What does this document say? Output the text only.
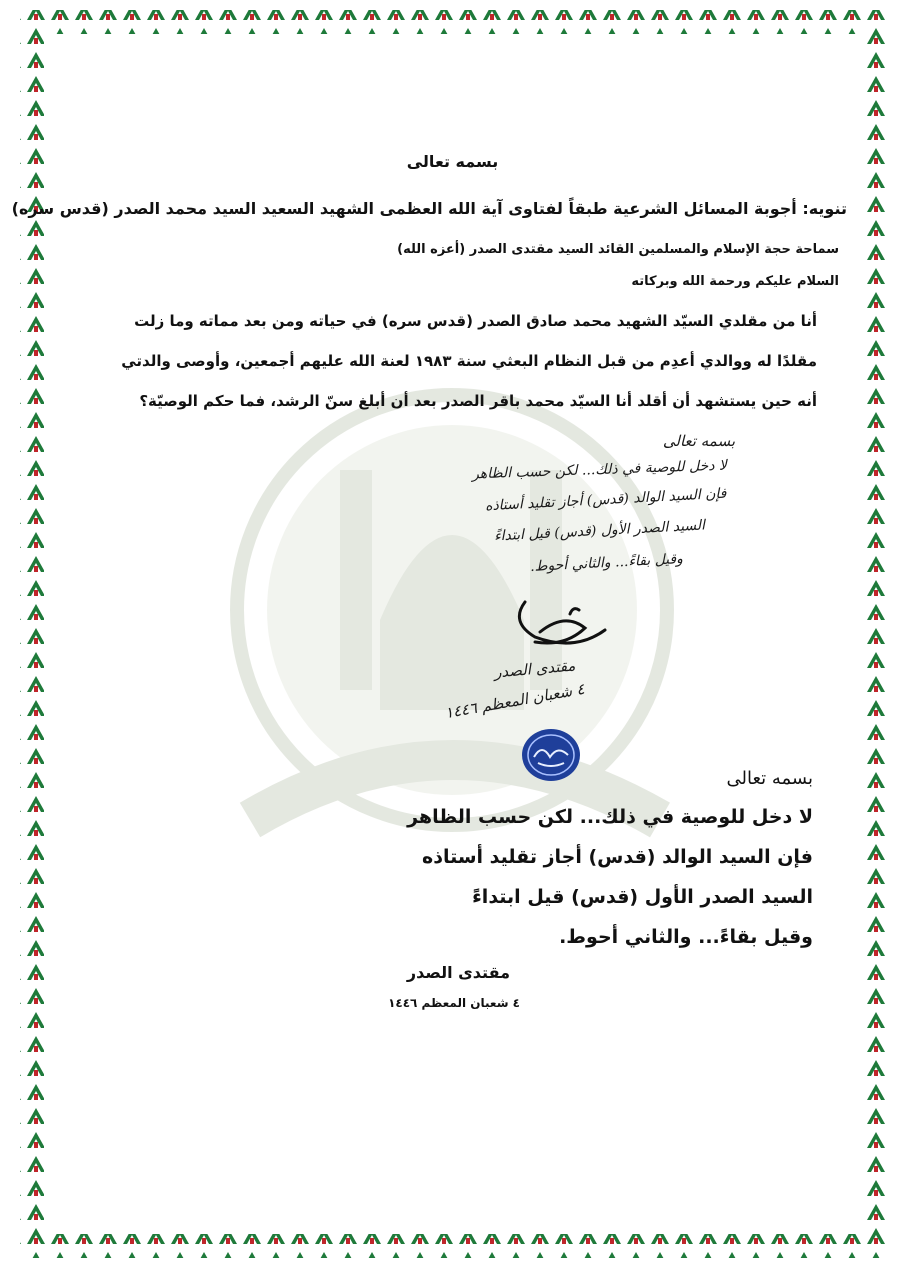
بسمه تعالى
تنويه: أجوبة المسائل الشرعية طبقاً لفتاوى آية الله العظمى الشهيد السعيد السيد محمد الصدر (قدس سره)
سماحة حجة الإسلام والمسلمين القائد السيد مقتدى الصدر (أعزه الله)
السلام عليكم ورحمة الله وبركاته
أنا من مقلدي السيّد الشهيد محمد صادق الصدر (قدس سره) في حياته ومن بعد مماته وما زلت
مقلدًا له ووالدي أعدِم من قبل النظام البعثي سنة ١٩٨٣ لعنة الله عليهم أجمعين، وأوصى والدتي
أنه حين يستشهد أن أقلد أنا السيّد محمد باقر الصدر بعد أن أبلغ سنّ الرشد، فما حكم الوصيّة؟
بسمه تعالى
لا دخل للوصية في ذلك... لكن حسب الظاهر
فإن السيد الوالد (قدس) أجاز تقليد أستاذه
السيد الصدر الأول (قدس) قيل ابتداءً
وقيل بقاءً... والثاني أحوط.
مقتدى الصدر
٤ شعبان المعظم ١٤٤٦
بسمه تعالى
لا دخل للوصية في ذلك... لكن حسب الظاهر
فإن السيد الوالد (قدس) أجاز تقليد أستاذه
السيد الصدر الأول (قدس) قيل ابتداءً
وقيل بقاءً... والثاني أحوط.
مقتدى الصدر
٤ شعبان المعظم ١٤٤٦
